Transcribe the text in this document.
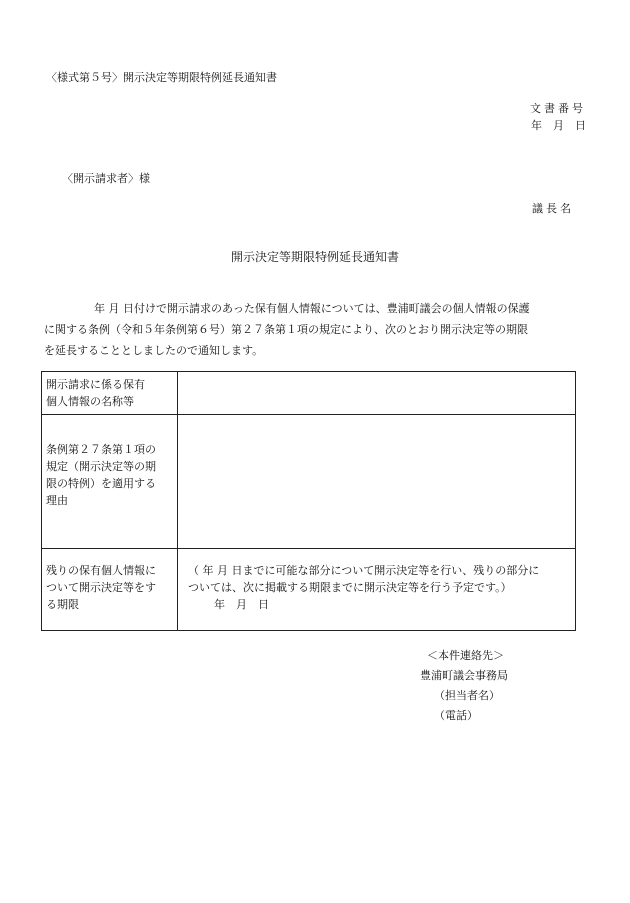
〈様式第５号〉開示決定等期限特例延長通知書
文書番号
年　月　日
〈開示請求者〉様
議長名
開示決定等期限特例延長通知書
年 月 日付けで開示請求のあった保有個人情報については、豊浦町議会の個人情報の保護
に関する条例（令和５年条例第６号）第２７条第１項の規定により、次のとおり開示決定等の期限
を延長することとしましたので通知します。
開示請求に係る保有
個人情報の名称等	

条例第２７条第１項の
規定（開示決定等の期
限の特例）を適用する
理由	

残りの保有個人情報に
ついて開示決定等をす
る期限	（ 年 月 日までに可能な部分について開示決定等を行い、残りの部分に
ついては、次に掲載する期限までに開示決定等を行う予定です。）
年　月　日
＜本件連絡先＞
豊浦町議会事務局
（担当者名）
（電話）
